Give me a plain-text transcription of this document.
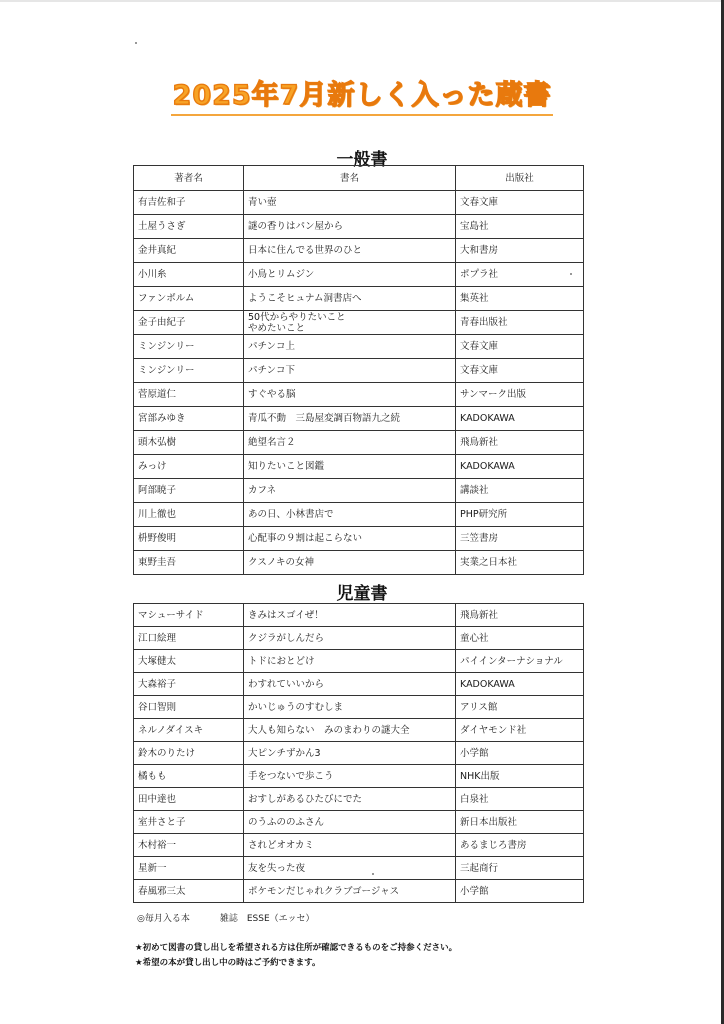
2025年7月新しく入った蔵書
一般書
著者名	書名	出版社
有吉佐和子	青い壺	文春文庫
土屋うさぎ	謎の香りはパン屋から	宝島社
金井真紀	日本に住んでる世界のひと	大和書房
小川糸	小鳥とリムジン	ポプラ社
ファンボルム	ようこそヒュナム洞書店へ	集英社
金子由紀子	50代からやりたいこと
やめたいこと	青春出版社
ミンジンリー	パチンコ上	文春文庫
ミンジンリー	パチンコ下	文春文庫
菅原道仁	すぐやる脳	サンマーク出版
宮部みゆき	青瓜不動　三島屋変調百物語九之続	KADOKAWA
頭木弘樹	絶望名言２	飛鳥新社
みっけ	知りたいこと図鑑	KADOKAWA
阿部暁子	カフネ	講談社
川上徹也	あの日、小林書店で	PHP研究所
枡野俊明	心配事の９割は起こらない	三笠書房
東野圭吾	クスノキの女神	実業之日本社
児童書
マシューサイド	きみはスゴイぜ！	飛鳥新社
江口絵理	クジラがしんだら	童心社
大塚健太	トドにおとどけ	パイインターナショナル
大森裕子	わすれていいから	KADOKAWA
谷口智則	かいじゅうのすむしま	アリス館
ネルノダイスキ	大人も知らない　みのまわりの謎大全	ダイヤモンド社
鈴木のりたけ	大ピンチずかん3	小学館
橘もも	手をつないで歩こう	NHK出版
田中達也	おすしがあるひたびにでた	白泉社
室井さと子	のうふののふさん	新日本出版社
木村裕一	されどオオカミ	あるまじろ書房
星新一	友を失った夜	三起商行
春風邪三太	ポケモンだじゃれクラブゴージャス	小学館
◎毎月入る本	雑誌　ESSE（エッセ）
★初めて図書の貸し出しを希望される方は住所が確認できるものをご持参ください。
★希望の本が貸し出し中の時はご予約できます。
